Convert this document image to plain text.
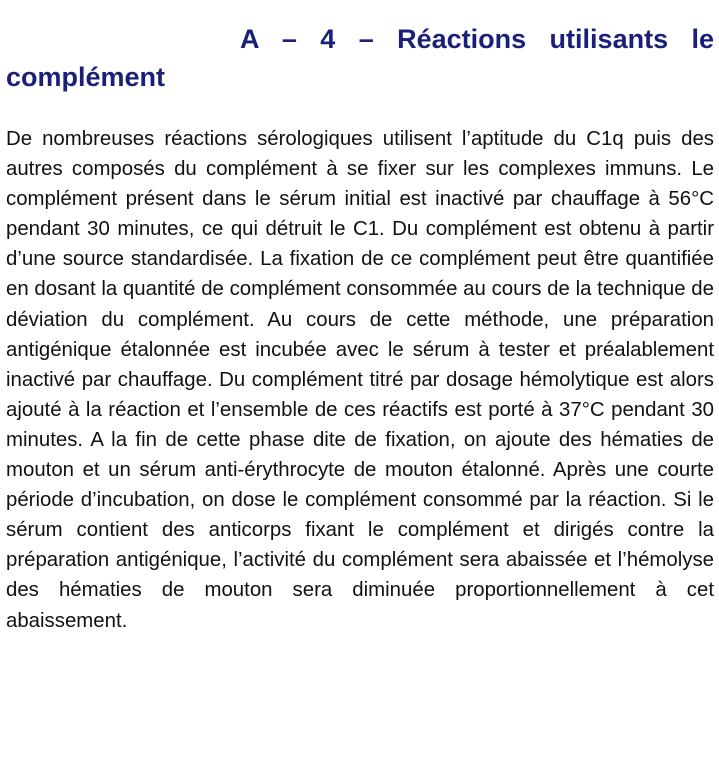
A – 4 – Réactions utilisants le complément

De nombreuses réactions sérologiques utilisent l’aptitude du C1q puis des autres composés du complément à se fixer sur les complexes immuns. Le complément présent dans le sérum initial est inactivé par chauffage à 56°C pendant 30 minutes, ce qui détruit le C1. Du complément est obtenu à partir d’une source standardisée. La fixation de ce complément peut être quantifiée en dosant la quantité de complément consommée au cours de la technique de déviation du complément. Au cours de cette méthode, une préparation antigénique étalonnée est incubée avec le sérum à tester et préalablement inactivé par chauffage. Du complément titré par dosage hémolytique est alors ajouté à la réaction et l’ensemble de ces réactifs est porté à 37°C pendant 30 minutes. A la fin de cette phase dite de fixation, on ajoute des hématies de mouton et un sérum anti-érythrocyte de mouton étalonné. Après une courte période d’incubation, on dose le complément consommé par la réaction. Si le sérum contient des anticorps fixant le complément et dirigés contre la préparation antigénique, l’activité du complément sera abaissée et l’hémolyse des hématies de mouton sera diminuée proportionnellement à cet abaissement.
